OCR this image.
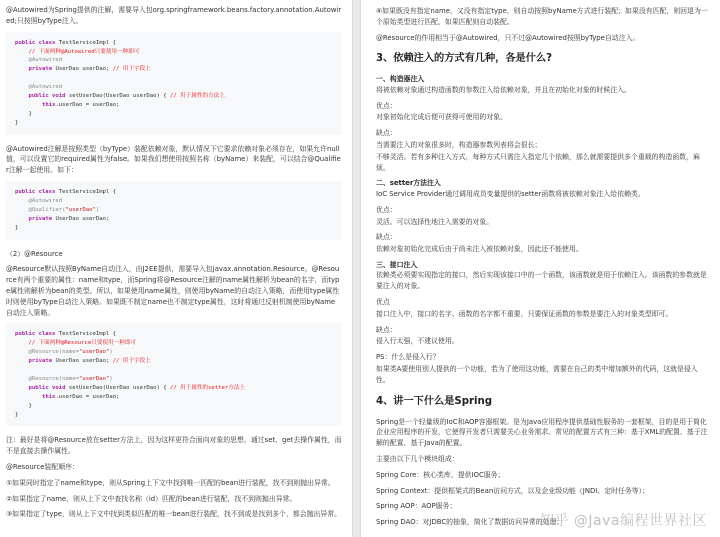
@Autowired为Spring提供的注解，需要导入包org.springframework.beans.factory.annotation.Autowired;只按照byType注入。

public class TestServiceImpl {
// 下面两种@Autowired只要使用一种即可
@Autowired
private UserDao userDao; // 用于字段上

@Autowired
public void setUserDao(UserDao userDao) { // 用于属性的方法上
this.userDao = userDao;
}
}

@Autowired注解是按照类型（byType）装配依赖对象，默认情况下它要求依赖对象必须存在，如果允许null值，可以设置它的required属性为false。如果我们想使用按照名称（byName）来装配，可以结合@Qualifier注解一起使用。如下：

public class TestServiceImpl {
@Autowired
@Qualifier("userDao")
private UserDao userDao;
}

（2）@Resource

@Resource默认按照ByName自动注入，由J2EE提供，需要导入包javax.annotation.Resource。@Resource有两个重要的属性：name和type，而Spring将@Resource注解的name属性解析为bean的名字，而type属性则解析为bean的类型。所以，如果使用name属性，则使用byName的自动注入策略，而使用type属性时则使用byType自动注入策略。如果既不制定name也不制定type属性，这时将通过反射机制使用byName自动注入策略。

public class TestServiceImpl {
// 下面两种@Resource只要使用一种即可
@Resource(name="userDao")
private UserDao userDao; // 用于字段上

@Resource(name="userDao")
public void setUserDao(UserDao userDao) { // 用于属性的setter方法上
this.userDao = userDao;
}
}

注：最好是将@Resource放在setter方法上，因为这样更符合面向对象的思想，通过set、get去操作属性，而不是直接去操作属性。

@Resource装配顺序：

①如果同时指定了name和type，则从Spring上下文中找到唯一匹配的bean进行装配，找不到则抛出异常。

②如果指定了name，则从上下文中查找名称（id）匹配的bean进行装配，找不到则抛出异常。

③如果指定了type，则从上下文中找到类似匹配的唯一bean进行装配，找不到或是找到多个，都会抛出异常。

④如果既没有指定name，又没有指定type，则自动按照byName方式进行装配；如果没有匹配，则回退为一个原始类型进行匹配，如果匹配则自动装配。

@Resource的作用相当于@Autowired，只不过@Autowired按照byType自动注入。

3、依赖注入的方式有几种，各是什么?

一、构造器注入

将被依赖对象通过构造函数的参数注入给依赖对象，并且在初始化对象的时候注入。

优点：

对象初始化完成后便可获得可使用的对象。

缺点：

当需要注入的对象很多时，构造器参数列表将会很长；

不够灵活。若有多种注入方式，每种方式只需注入指定几个依赖，那么就需要提供多个重载的构造函数，麻烦。

二、setter方法注入

IoC Service Provider通过调用成员变量提供的setter函数将被依赖对象注入给依赖类。

优点：

灵活。可以选择性地注入需要的对象。

缺点：

依赖对象初始化完成后由于尚未注入被依赖对象，因此还不能使用。

三、接口注入

依赖类必须要实现指定的接口，然后实现该接口中的一个函数，该函数就是用于依赖注入。该函数的参数就是要注入的对象。

优点

接口注入中，接口的名字、函数的名字都不重要，只要保证函数的参数是要注入的对象类型即可。

缺点：

侵入行太强，不建议使用。

PS：什么是侵入行？

如果类A要使用别人提供的一个功能，若为了使用这功能，需要在自己的类中增加额外的代码，这就是侵入性。

4、讲一下什么是Spring

Spring是一个轻量级的IoC和AOP容器框架。是为Java应用程序提供基础性服务的一套框架，目的是用于简化企业应用程序的开发，它使得开发者只需要关心业务需求。常见的配置方式有三种：基于XML的配置、基于注解的配置、基于Java的配置。

主要由以下几个模块组成：

Spring Core：核心类库，提供IOC服务；

Spring Context：提供框架式的Bean访问方式，以及企业级功能（JNDI、定时任务等）；

Spring AOP：AOP服务；

Spring DAO：对JDBC的抽象，简化了数据访问异常的处理；

知乎 @Java编程世界社区
